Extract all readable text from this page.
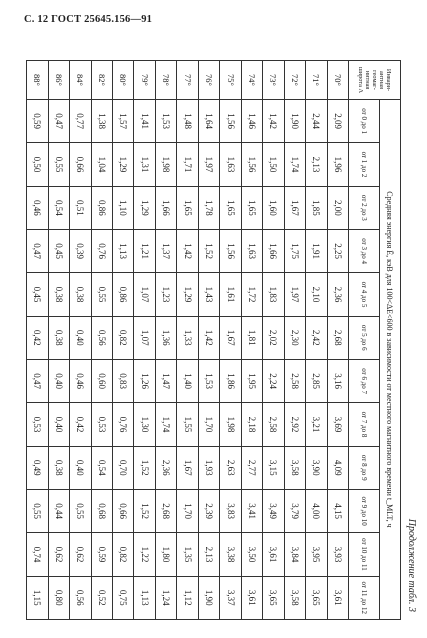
С. 12 ГОСТ 25645.156—91
Продолжение табл. 3
Инвари-антная геомаг-нитная широта Λ	Средняя энергия Ē, кэВ для 100<ΔE<600 в зависимости от местного магнитного времени t_MLT, ч											
	от 0 до 1	от 1 до 2	от 2 до 3	от 3 до 4	от 4 до 5	от 5 до 6	от 6 до 7	от 7 до 8	от 8 до 9	от 9 до 10	от 10 до 11	от 11 до 12
70°	2,09	1,96	2,00	2,25	2,36	2,68	3,16	3,69	4,09	4,15	3,93	3,61
71°	2,44	2,13	1,85	1,91	2,10	2,42	2,85	3,21	3,90	4,00	3,95	3,65
72°	1,90	1,74	1,67	1,75	1,97	2,30	2,58	2,92	3,58	3,79	3,84	3,58
73°	1,42	1,50	1,60	1,66	1,83	2,02	2,24	2,58	3,15	3,49	3,61	3,65
74°	1,46	1,56	1,65	1,63	1,72	1,81	1,95	2,18	2,77	3,41	3,50	3,61
75°	1,56	1,63	1,65	1,56	1,61	1,67	1,86	1,98	2,63	3,83	3,38	3,37
76°	1,64	1,97	1,78	1,52	1,43	1,42	1,53	1,70	1,93	2,39	2,13	1,90
77°	1,48	1,71	1,65	1,42	1,29	1,33	1,40	1,55	1,67	1,70	1,35	1,12
78°	1,53	1,98	1,66	1,37	1,23	1,36	1,47	1,74	2,36	2,68	1,80	1,24
79°	1,41	1,31	1,29	1,21	1,07	1,07	1,26	1,30	1,52	1,52	1,22	1,13
80°	1,57	1,29	1,10	1,13	0,86	0,82	0,83	0,76	0,70	0,66	0,82	0,75
82°	1,38	1,04	0,86	0,76	0,55	0,56	0,60	0,53	0,54	0,68	0,59	0,52
84°	0,77	0,66	0,51	0,39	0,38	0,40	0,46	0,42	0,40	0,55	0,62	0,56
86°	0,47	0,55	0,54	0,45	0,38	0,38	0,40	0,40	0,38	0,44	0,62	0,80
88°	0,59	0,50	0,46	0,47	0,45	0,42	0,47	0,53	0,49	0,55	0,74	1,15
